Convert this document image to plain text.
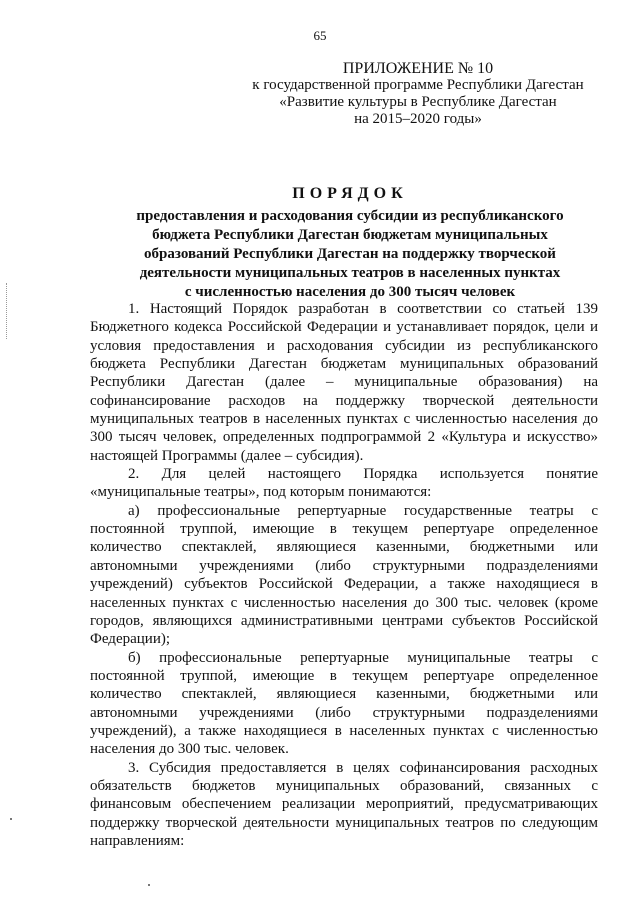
65
ПРИЛОЖЕНИЕ № 10
к государственной программе Республики Дагестан
«Развитие культуры в Республике Дагестан
на 2015–2020 годы»
ПОРЯДОК
предоставления и расходования субсидии из республиканского
бюджета Республики Дагестан бюджетам муниципальных
образований Республики Дагестан на поддержку творческой
деятельности муниципальных театров в населенных пунктах
с численностью населения до 300 тысяч человек
1. Настоящий Порядок разработан в соответствии со статьей 139
Бюджетного кодекса Российской Федерации и устанавливает порядок, цели и
условия предоставления и расходования субсидии из республиканского
бюджета Республики Дагестан бюджетам муниципальных образований
Республики Дагестан (далее – муниципальные образования) на
софинансирование расходов на поддержку творческой деятельности
муниципальных театров в населенных пунктах с численностью населения до
300 тысяч человек, определенных подпрограммой 2 «Культура и искусство»
настоящей Программы (далее – субсидия).
2. Для целей настоящего Порядка используется понятие
«муниципальные театры», под которым понимаются:
а) профессиональные репертуарные государственные театры с
постоянной труппой, имеющие в текущем репертуаре определенное
количество спектаклей, являющиеся казенными, бюджетными или
автономными учреждениями (либо структурными подразделениями
учреждений) субъектов Российской Федерации, а также находящиеся в
населенных пунктах с численностью населения до 300 тыс. человек (кроме
городов, являющихся административными центрами субъектов Российской
Федерации);
б) профессиональные репертуарные муниципальные театры с
постоянной труппой, имеющие в текущем репертуаре определенное
количество спектаклей, являющиеся казенными, бюджетными или
автономными учреждениями (либо структурными подразделениями
учреждений), а также находящиеся в населенных пунктах с численностью
населения до 300 тыс. человек.
3. Субсидия предоставляется в целях софинансирования расходных
обязательств бюджетов муниципальных образований, связанных с
финансовым обеспечением реализации мероприятий, предусматривающих
поддержку творческой деятельности муниципальных театров по следующим
направлениям:
